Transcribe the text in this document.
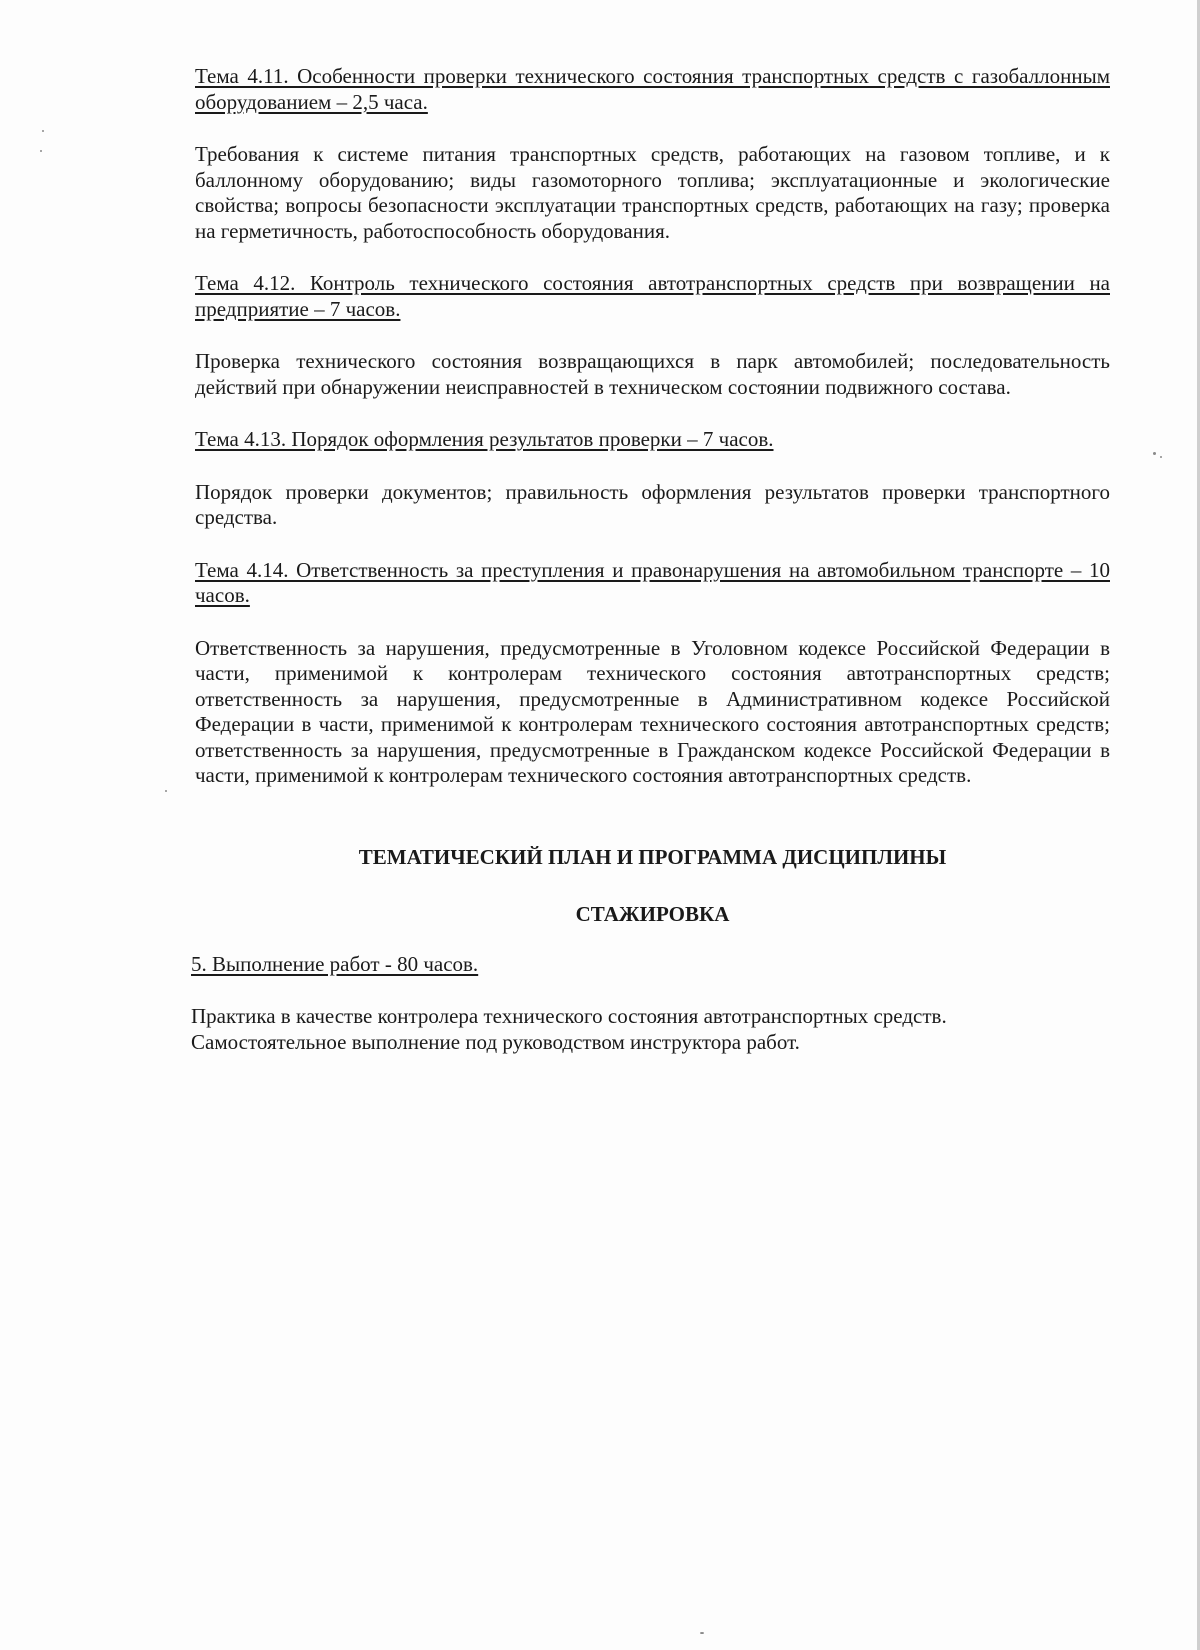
Тема 4.11. Особенности проверки технического состояния транспортных средств с газобаллонным оборудованием – 2,5 часа.

Требования к системе питания транспортных средств, работающих на газовом топливе, и к баллонному оборудованию; виды газомоторного топлива; эксплуатационные и экологические свойства; вопросы безопасности эксплуатации транспортных средств, работающих на газу; проверка на герметичность, работоспособность оборудования.

Тема 4.12. Контроль технического состояния автотранспортных средств при возвращении на предприятие – 7 часов.

Проверка технического состояния возвращающихся в парк автомобилей; последовательность действий при обнаружении неисправностей в техническом состоянии подвижного состава.

Тема 4.13. Порядок оформления результатов проверки – 7 часов.

Порядок проверки документов; правильность оформления результатов проверки транспортного средства.

Тема 4.14. Ответственность за преступления и правонарушения на автомобильном транспорте – 10 часов.

Ответственность за нарушения, предусмотренные в Уголовном кодексе Российской Федерации в части, применимой к контролерам технического состояния автотранспортных средств; ответственность за нарушения, предусмотренные в Административном кодексе Российской Федерации в части, применимой к контролерам технического состояния автотранспортных средств; ответственность за нарушения, предусмотренные в Гражданском кодексе Российской Федерации в части, применимой к контролерам технического состояния автотранспортных средств.

ТЕМАТИЧЕСКИЙ ПЛАН И ПРОГРАММА ДИСЦИПЛИНЫ

СТАЖИРОВКА

5. Выполнение работ - 80 часов.

Практика в качестве контролера технического состояния автотранспортных средств.

Самостоятельное выполнение под руководством инструктора работ.
